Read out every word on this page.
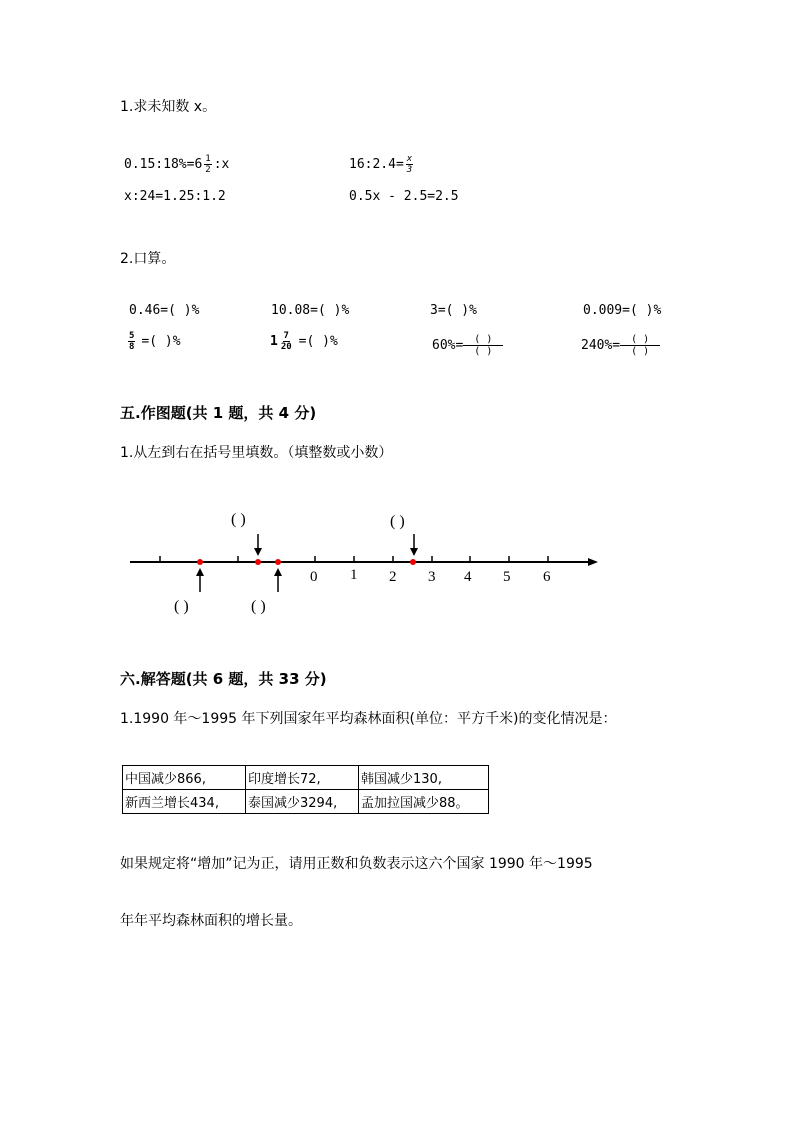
1.求未知数 x。
0.15:18%=6 $\frac{1}{2}$ :x	16:2.4= $\frac{x}{3}$
x:24=1.25:1.2	0.5x - 2.5=2.5
2.口算。
0.46=( )%	10.08=( )%	3=( )%	0.009=( )%
$\frac{5}{8}$ =( )%	$1 \frac{7}{20}$ =( )%	$60\%= \frac{( )}{( )}$	$240\%= \frac{( )}{( )}$
五.作图题(共 1 题，共 4 分)
1.从左到右在括号里填数。（填整数或小数）
0 1 2 3 4 5 6
( )	( )
( )	( )
六.解答题(共 6 题，共 33 分)
1.1990 年～1995 年下列国家年平均森林面积(单位：平方千米)的变化情况是：
中国减少866,	印度增长72,	韩国减少130,
新西兰增长434,	泰国减少3294,	孟加拉国减少88。
如果规定将“增加”记为正，请用正数和负数表示这六个国家 1990 年～1995
年年平均森林面积的增长量。
